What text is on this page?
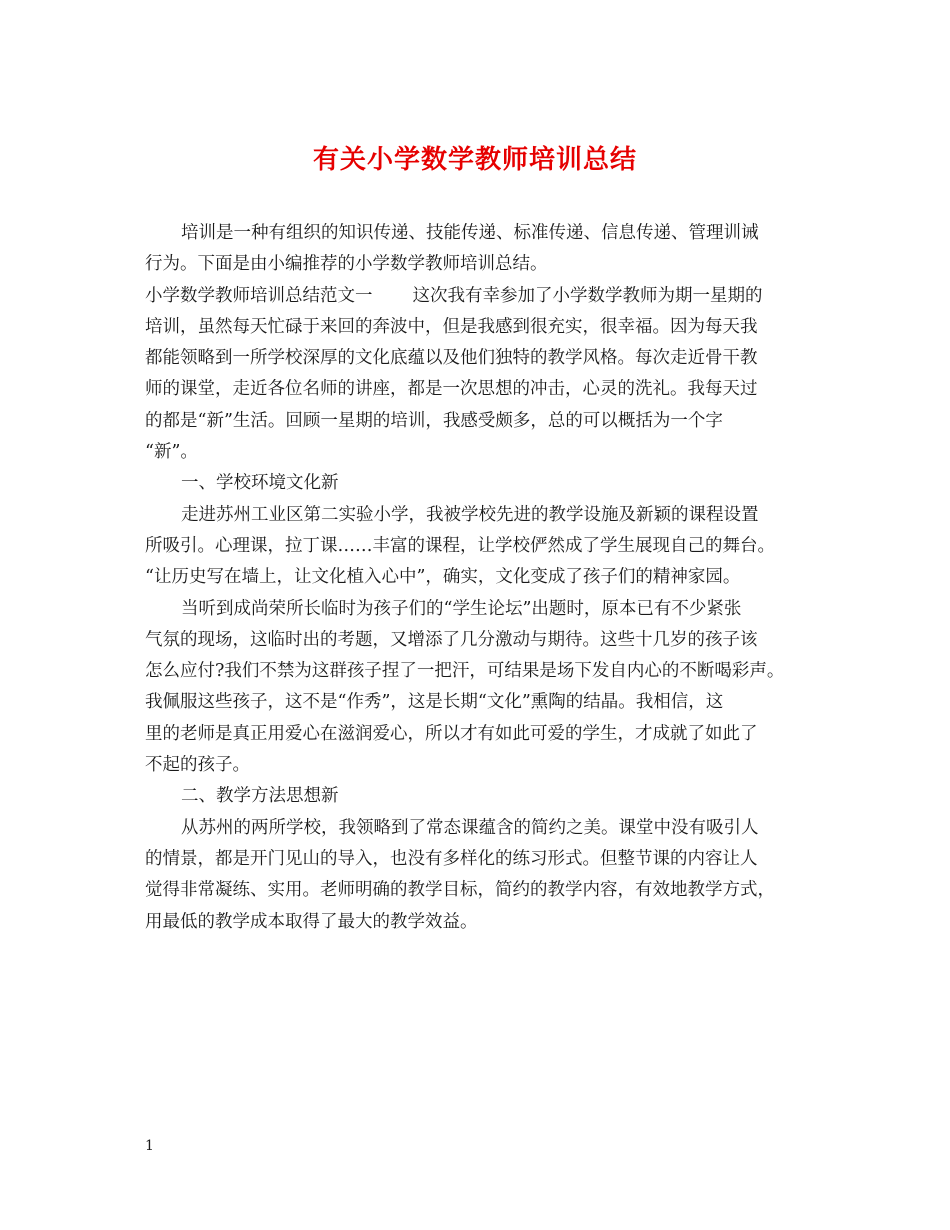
有关小学数学教师培训总结

培训是一种有组织的知识传递、技能传递、标准传递、信息传递、管理训诫
行为。下面是由小编推荐的小学数学教师培训总结。

小学数学教师培训总结范文一 这次我有幸参加了小学数学教师为期一星期的
培训，虽然每天忙碌于来回的奔波中，但是我感到很充实，很幸福。因为每天我
都能领略到一所学校深厚的文化底蕴以及他们独特的教学风格。每次走近骨干教
师的课堂，走近各位名师的讲座，都是一次思想的冲击，心灵的洗礼。我每天过
的都是“新”生活。回顾一星期的培训，我感受颇多，总的可以概括为一个字
“新”。

一、学校环境文化新

走进苏州工业区第二实验小学，我被学校先进的教学设施及新颖的课程设置
所吸引。心理课，拉丁课……丰富的课程，让学校俨然成了学生展现自己的舞台。
“让历史写在墙上，让文化植入心中”，确实，文化变成了孩子们的精神家园。

当听到成尚荣所长临时为孩子们的“学生论坛”出题时，原本已有不少紧张
气氛的现场，这临时出的考题，又增添了几分激动与期待。这些十几岁的孩子该
怎么应付?我们不禁为这群孩子捏了一把汗，可结果是场下发自内心的不断喝彩声。
我佩服这些孩子，这不是“作秀”，这是长期“文化”熏陶的结晶。我相信，这
里的老师是真正用爱心在滋润爱心，所以才有如此可爱的学生，才成就了如此了
不起的孩子。

二、教学方法思想新

从苏州的两所学校，我领略到了常态课蕴含的简约之美。课堂中没有吸引人
的情景，都是开门见山的导入，也没有多样化的练习形式。但整节课的内容让人
觉得非常凝练、实用。老师明确的教学目标，简约的教学内容，有效地教学方式，
用最低的教学成本取得了最大的教学效益。

1
